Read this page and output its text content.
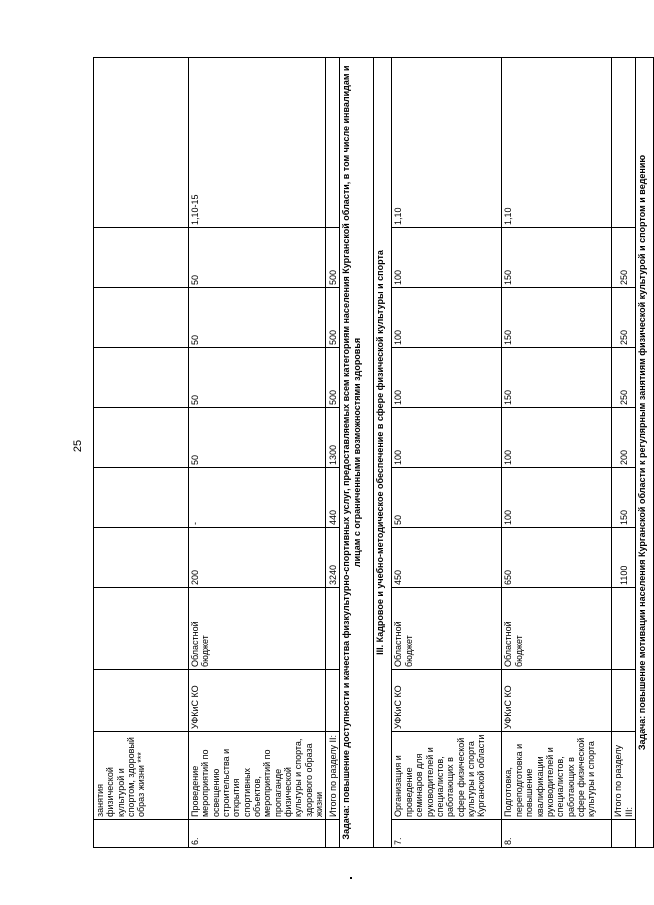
25
	занятия физической культурой и спортом, здоровый образ жизни ***									
6.	Проведение мероприятий по освещению строительства и открытия спортивных объектов, мероприятий по пропаганде физической культуры и спорта, здорового образа жизни	УФКиС КО	Областной бюджет	200	-	50	50	50	50	1,10-15
	Итого по разделу II:			3240	440	1300	500	500	500	
Задача: повышение доступности и качества физкультурно-спортивных услуг, предоставляемых всем категориям населения Курганской области, в том числе инвалидам и лицам с ограниченными возможностями здоровья										
III. Кадровое и учебно-методическое обеспечение в сфере физической культуры и спорта										
7.	Организация и проведение семинаров для руководителей и специалистов, работающих в сфере физической культуры и спорта Курганской области	УФКиС КО	Областной бюджет	450	50	100	100	100	100	1,10
8.	Подготовка, переподготовка и повышение квалификации руководителей и специалистов, работающих в сфере физической культуры и спорта	УФКиС КО	Областной бюджет	650	100	100	150	150	150	1,10
	Итого по разделу III:			1100	150	200	250	250	250	
Задача: повышение мотивации населения Курганской области к регулярным занятиям физической культурой и спортом и ведению										
